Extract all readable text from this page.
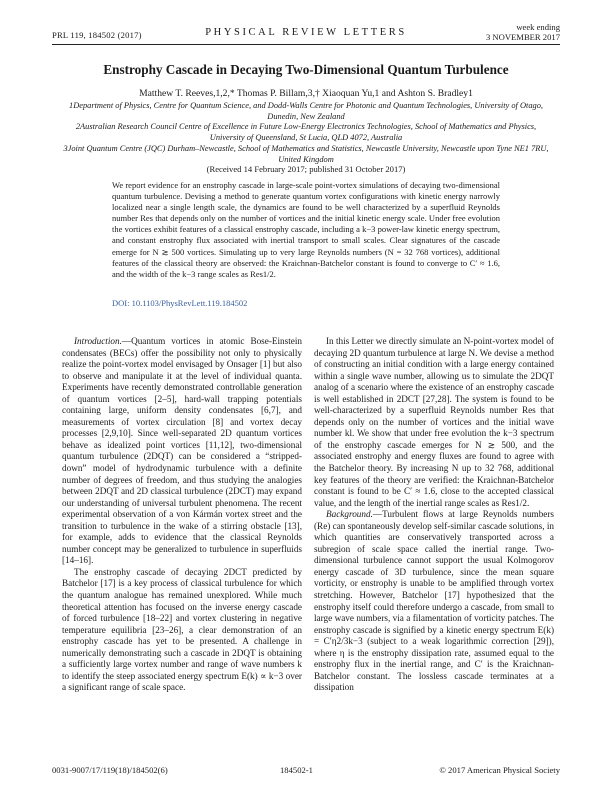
PRL 119, 184502 (2017)	PHYSICAL REVIEW LETTERS	week ending
3 NOVEMBER 2017
Enstrophy Cascade in Decaying Two-Dimensional Quantum Turbulence
Matthew T. Reeves,1,2,* Thomas P. Billam,3,† Xiaoquan Yu,1 and Ashton S. Bradley1
1Department of Physics, Centre for Quantum Science, and Dodd-Walls Centre for Photonic and Quantum Technologies, University of Otago, Dunedin, New Zealand
2Australian Research Council Centre of Excellence in Future Low-Energy Electronics Technologies, School of Mathematics and Physics, University of Queensland, St Lucia, QLD 4072, Australia
3Joint Quantum Centre (JQC) Durham–Newcastle, School of Mathematics and Statistics, Newcastle University, Newcastle upon Tyne NE1 7RU, United Kingdom
(Received 14 February 2017; published 31 October 2017)
We report evidence for an enstrophy cascade in large-scale point-vortex simulations of decaying two-dimensional quantum turbulence. Devising a method to generate quantum vortex configurations with kinetic energy narrowly localized near a single length scale, the dynamics are found to be well characterized by a superfluid Reynolds number Res that depends only on the number of vortices and the initial kinetic energy scale. Under free evolution the vortices exhibit features of a classical enstrophy cascade, including a k−3 power-law kinetic energy spectrum, and constant enstrophy flux associated with inertial transport to small scales. Clear signatures of the cascade emerge for N ≳ 500 vortices. Simulating up to very large Reynolds numbers (N = 32 768 vortices), additional features of the classical theory are observed: the Kraichnan-Batchelor constant is found to converge to C′ ≈ 1.6, and the width of the k−3 range scales as Res1/2.
DOI: 10.1103/PhysRevLett.119.184502

Introduction.—Quantum vortices in atomic Bose-Einstein condensates (BECs) offer the possibility not only to physically realize the point-vortex model envisaged by Onsager [1] but also to observe and manipulate it at the level of individual quanta. Experiments have recently demonstrated controllable generation of quantum vortices [2–5], hard-wall trapping potentials containing large, uniform density condensates [6,7], and measurements of vortex circulation [8] and vortex decay processes [2,9,10]. Since well-separated 2D quantum vortices behave as idealized point vortices [11,12], two-dimensional quantum turbulence (2DQT) can be considered a “stripped-down” model of hydrodynamic turbulence with a definite number of degrees of freedom, and thus studying the analogies between 2DQT and 2D classical turbulence (2DCT) may expand our understanding of universal turbulent phenomena. The recent experimental observation of a von Kármán vortex street and the transition to turbulence in the wake of a stirring obstacle [13], for example, adds to evidence that the classical Reynolds number concept may be generalized to turbulence in superfluids [14–16].

The enstrophy cascade of decaying 2DCT predicted by Batchelor [17] is a key process of classical turbulence for which the quantum analogue has remained unexplored. While much theoretical attention has focused on the inverse energy cascade of forced turbulence [18–22] and vortex clustering in negative temperature equilibria [23–26], a clear demonstration of an enstrophy cascade has yet to be presented. A challenge in numerically demonstrating such a cascade in 2DQT is obtaining a sufficiently large vortex number and range of wave numbers k to identify the steep associated energy spectrum E(k) ∝ k−3 over a significant range of scale space.

In this Letter we directly simulate an N-point-vortex model of decaying 2D quantum turbulence at large N. We devise a method of constructing an initial condition with a large energy contained within a single wave number, allowing us to simulate the 2DQT analog of a scenario where the existence of an enstrophy cascade is well established in 2DCT [27,28]. The system is found to be well-characterized by a superfluid Reynolds number Res that depends only on the number of vortices and the initial wave number kl. We show that under free evolution the k−3 spectrum of the enstrophy cascade emerges for N ≳ 500, and the associated enstrophy and energy fluxes are found to agree with the Batchelor theory. By increasing N up to 32 768, additional key features of the theory are verified: the Kraichnan-Batchelor constant is found to be C′ ≈ 1.6, close to the accepted classical value, and the length of the inertial range scales as Res1/2.

Background.—Turbulent flows at large Reynolds numbers (Re) can spontaneously develop self-similar cascade solutions, in which quantities are conservatively transported across a subregion of scale space called the inertial range. Two-dimensional turbulence cannot support the usual Kolmogorov energy cascade of 3D turbulence, since the mean square vorticity, or enstrophy is unable to be amplified through vortex stretching. However, Batchelor [17] hypothesized that the enstrophy itself could therefore undergo a cascade, from small to large wave numbers, via a filamentation of vorticity patches. The enstrophy cascade is signified by a kinetic energy spectrum E(k) = C′η2/3k−3 (subject to a weak logarithmic correction [29]), where η is the enstrophy dissipation rate, assumed equal to the enstrophy flux in the inertial range, and C′ is the Kraichnan-Batchelor constant. The lossless cascade terminates at a dissipation

0031-9007/17/119(18)/184502(6)	184502-1	© 2017 American Physical Society
